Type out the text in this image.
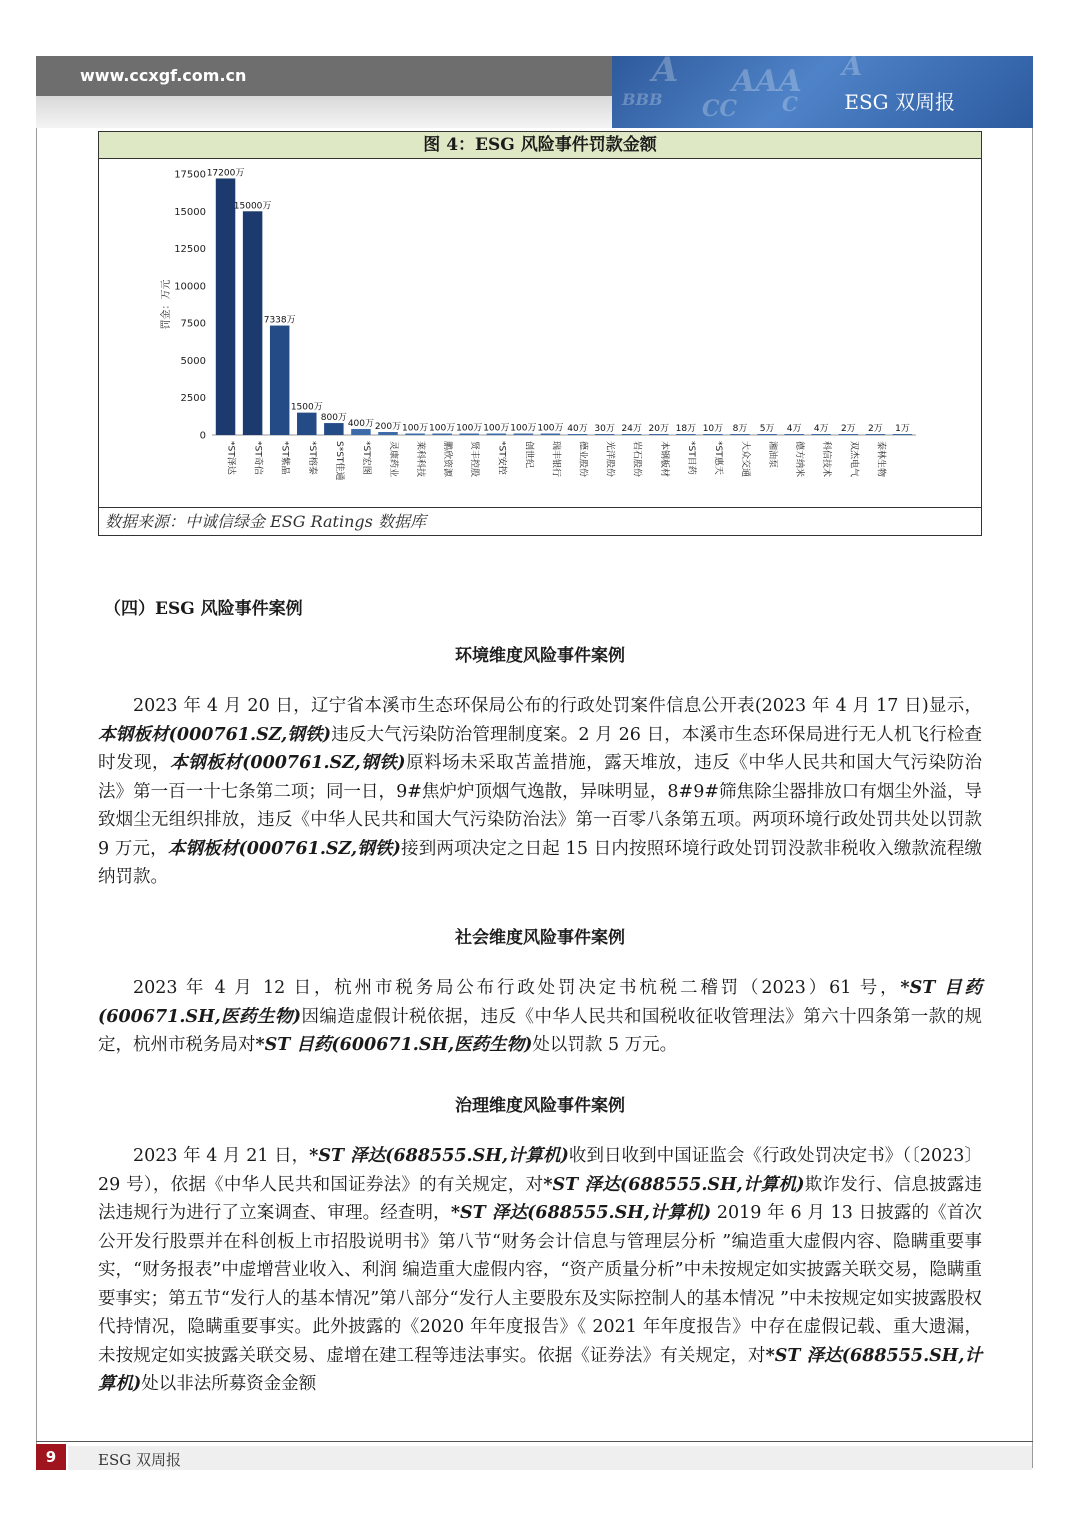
www.ccxgf.com.cn	A AAA A
BBB CC C ESG 双周报
图 4：ESG 风险事件罚款金额
0
2500
5000
7500
10000
12500
15000
17500
罚金：万元
17200万
15000万
7338万
1500万
800万
400万 200万 100万 100万 100万 100万 100万 100万 40万 30万 24万 20万 18万 10万 8万 5万 4万 4万 2万 2万 1万
*ST泽达 *ST奇信 *ST紫晶 *ST榕泰 S*ST佳通 *ST宏图 灵康药业 莱科科技 鹏欣资源 贤丰控股 *ST安控 创世纪 瑞丰银行 德业股份 光洋股份 岩石股份 本钢板材 *ST目药 *ST惠天 大众交通 湘油泵 德方纳米 科信技术 双杰电气 泰林生物
数据来源：中诚信绿金 ESG Ratings 数据库
（四）ESG 风险事件案例
环境维度风险事件案例
2023 年 4 月 20 日，辽宁省本溪市生态环保局公布的行政处罚案件信息公开表(2023 年 4 月 17 日)显示，本钢板材(000761.SZ,钢铁)违反大气污染防治管理制度案。2 月 26 日，本溪市生态环保局进行无人机飞行检查时发现，本钢板材(000761.SZ,钢铁)原料场未采取苫盖措施，露天堆放，违反《中华人民共和国大气污染防治法》第一百一十七条第二项；同一日，9#焦炉炉顶烟气逸散，异味明显，8#9#筛焦除尘器排放口有烟尘外溢，导致烟尘无组织排放，违反《中华人民共和国大气污染防治法》第一百零八条第五项。两项环境行政处罚共处以罚款 9 万元，本钢板材(000761.SZ,钢铁)接到两项决定之日起 15 日内按照环境行政处罚罚没款非税收入缴款流程缴纳罚款。
社会维度风险事件案例
2023 年 4 月 12 日，杭州市税务局公布行政处罚决定书杭税二稽罚（2023）61 号，*ST 目药(600671.SH,医药生物)因编造虚假计税依据，违反《中华人民共和国税收征收管理法》第六十四条第一款的规定，杭州市税务局对*ST 目药(600671.SH,医药生物)处以罚款 5 万元。
治理维度风险事件案例
2023 年 4 月 21 日，*ST 泽达(688555.SH,计算机)收到日收到中国证监会《行政处罚决定书》（〔2023〕29 号），依据《中华人民共和国证券法》的有关规定，对*ST 泽达(688555.SH,计算机)欺诈发行、信息披露违法违规行为进行了立案调查、审理。经查明，*ST 泽达(688555.SH,计算机) 2019 年 6 月 13 日披露的《首次公开发行股票并在科创板上市招股说明书》第八节“财务会计信息与管理层分析 ”编造重大虚假内容、隐瞒重要事实，“财务报表”中虚增营业收入、利润 编造重大虚假内容，“资产质量分析”中未按规定如实披露关联交易，隐瞒重要事实；第五节“发行人的基本情况”第八部分“发行人主要股东及实际控制人的基本情况 ”中未按规定如实披露股权代持情况，隐瞒重要事实。此外披露的《2020 年年度报告》《 2021 年年度报告》中存在虚假记载、重大遗漏，未按规定如实披露关联交易、虚增在建工程等违法事实。依据《证券法》有关规定，对*ST 泽达(688555.SH,计算机)处以非法所募资金金额
9	ESG 双周报
